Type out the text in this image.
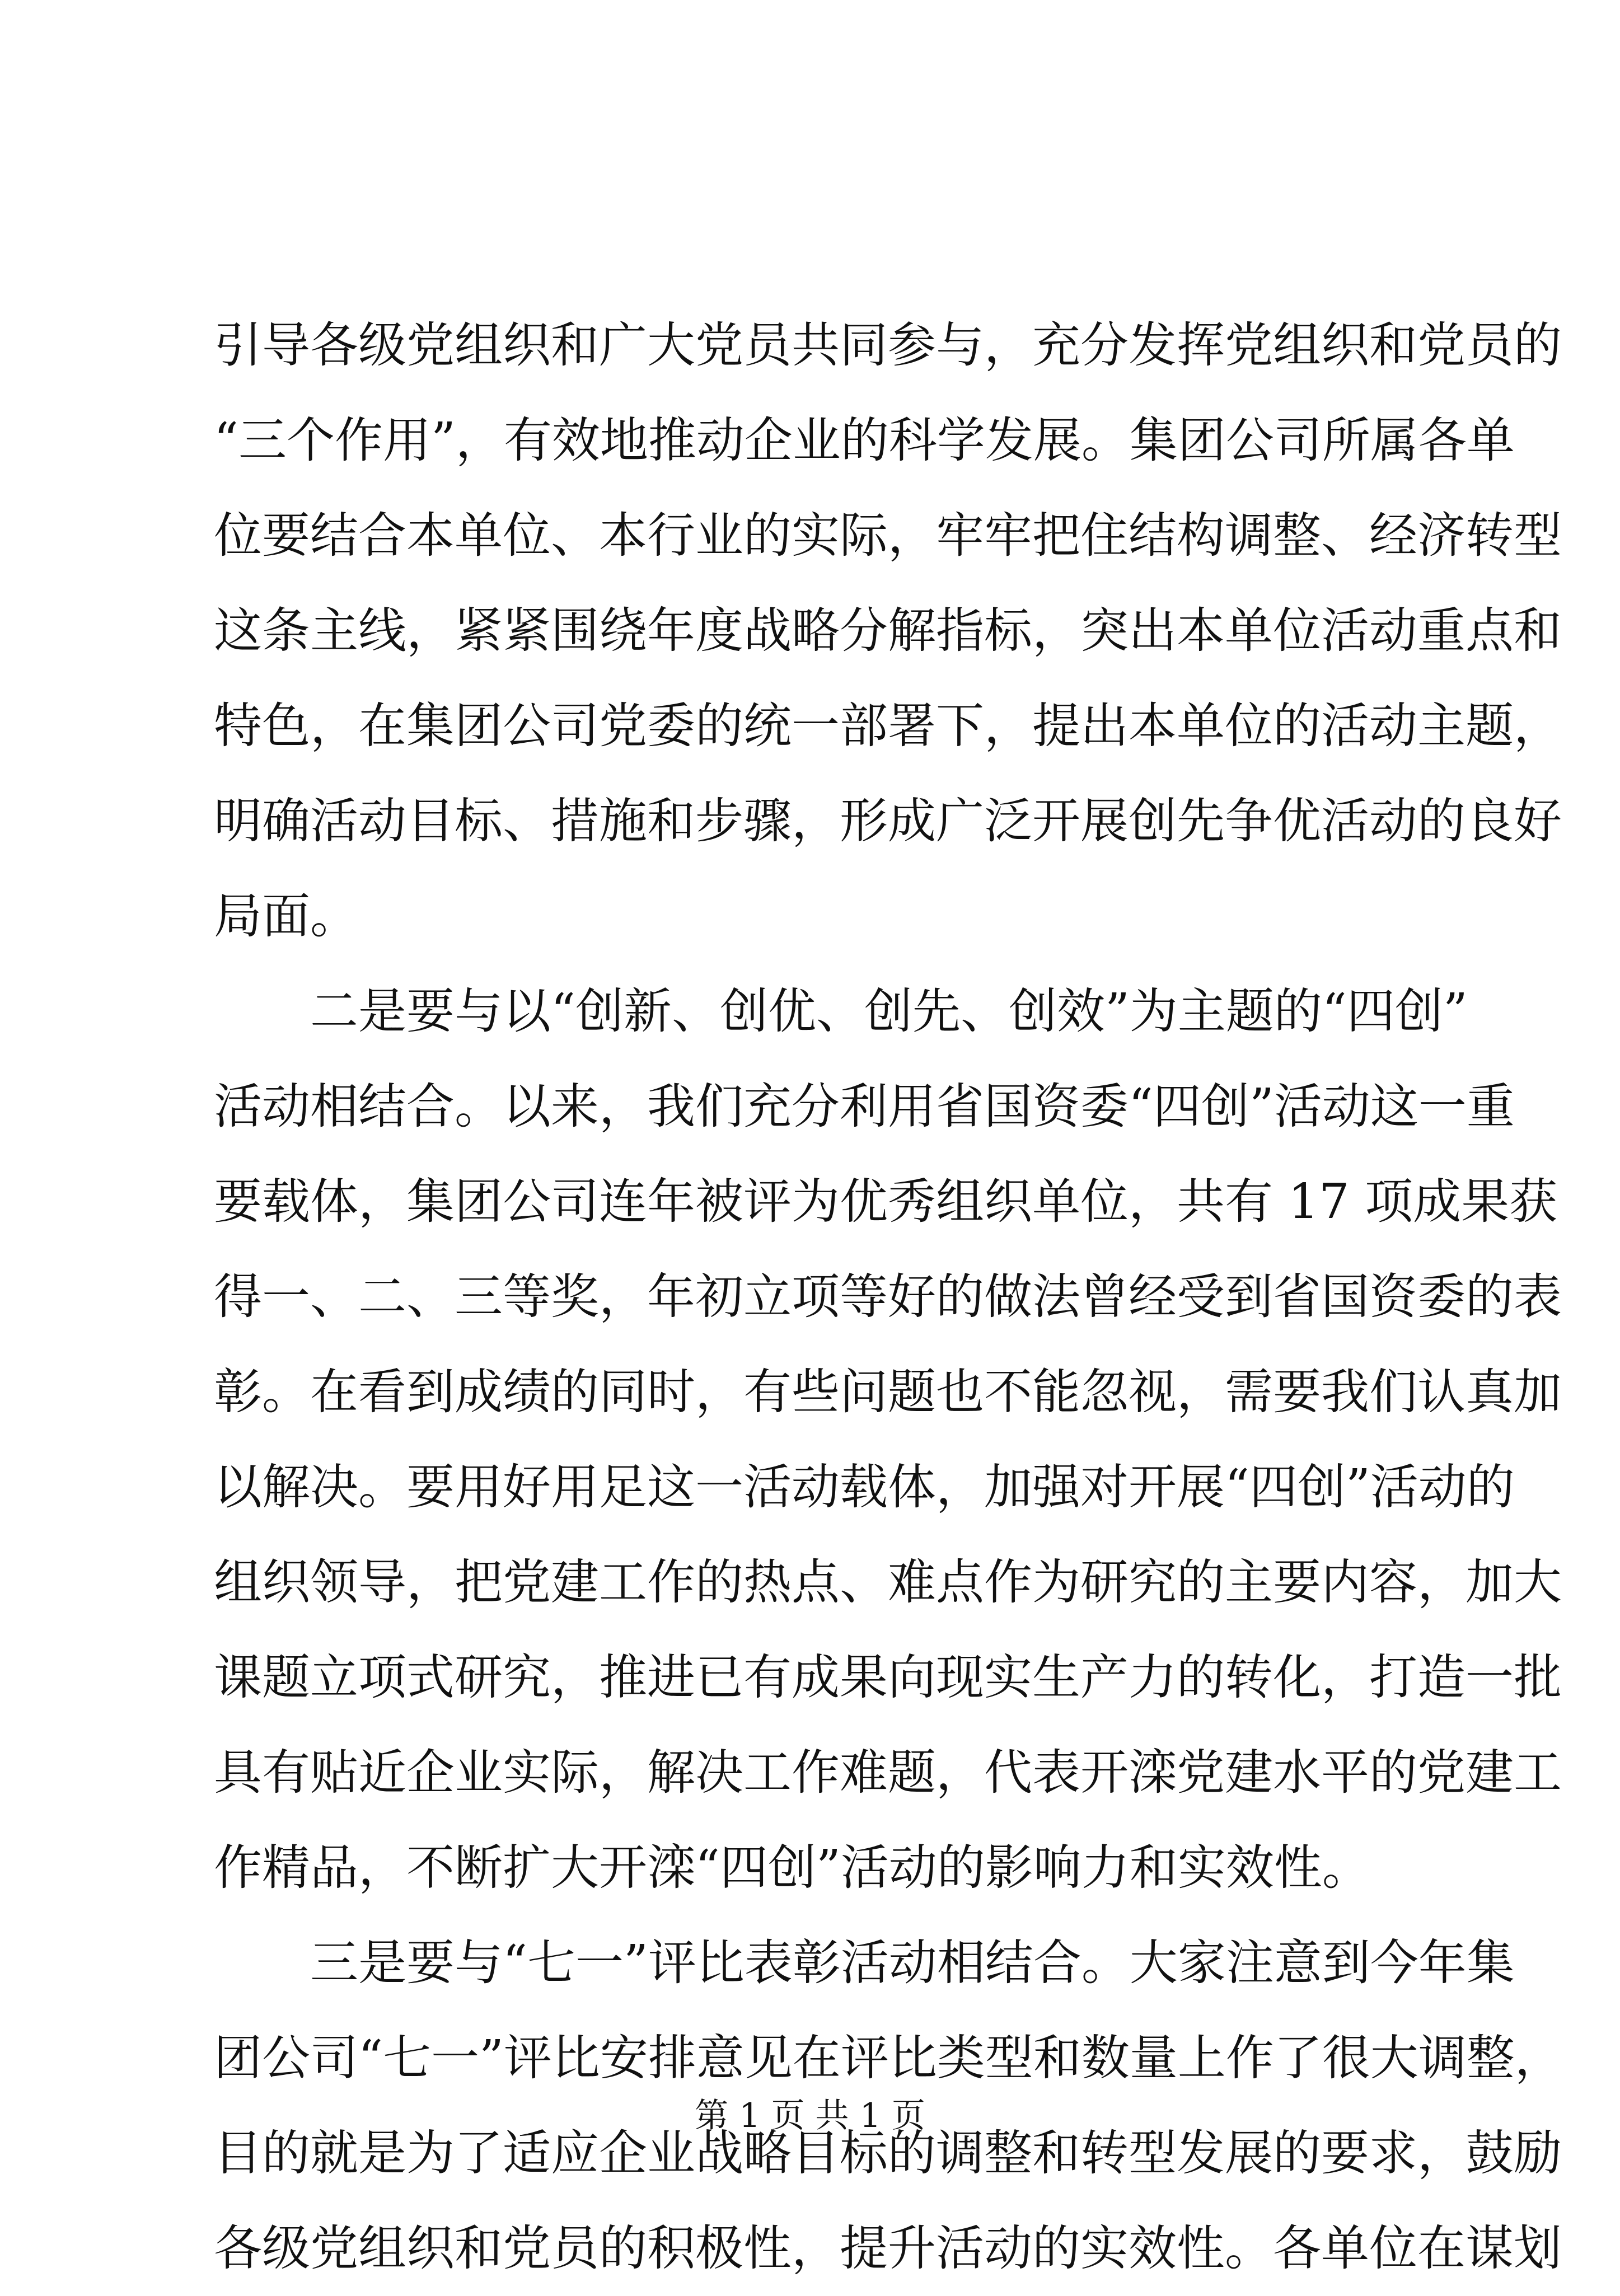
引导各级党组织和广大党员共同参与，充分发挥党组织和党员的
“三个作用”，有效地推动企业的科学发展。集团公司所属各单
位要结合本单位、本行业的实际，牢牢把住结构调整、经济转型
这条主线，紧紧围绕年度战略分解指标，突出本单位活动重点和
特色，在集团公司党委的统一部署下，提出本单位的活动主题，
明确活动目标、措施和步骤，形成广泛开展创先争优活动的良好
局面。
　　二是要与以“创新、创优、创先、创效”为主题的“四创”
活动相结合。以来，我们充分利用省国资委“四创”活动这一重
要载体，集团公司连年被评为优秀组织单位，共有 17 项成果获
得一、二、三等奖，年初立项等好的做法曾经受到省国资委的表
彰。在看到成绩的同时，有些问题也不能忽视，需要我们认真加
以解决。要用好用足这一活动载体，加强对开展“四创”活动的
组织领导，把党建工作的热点、难点作为研究的主要内容，加大
课题立项式研究，推进已有成果向现实生产力的转化，打造一批
具有贴近企业实际，解决工作难题，代表开滦党建水平的党建工
作精品，不断扩大开滦“四创”活动的影响力和实效性。
　　三是要与“七一”评比表彰活动相结合。大家注意到今年集
团公司“七一”评比安排意见在评比类型和数量上作了很大调整，
目的就是为了适应企业战略目标的调整和转型发展的要求，鼓励
各级党组织和党员的积极性，提升活动的实效性。各单位在谋划
第 1 页 共 1 页
